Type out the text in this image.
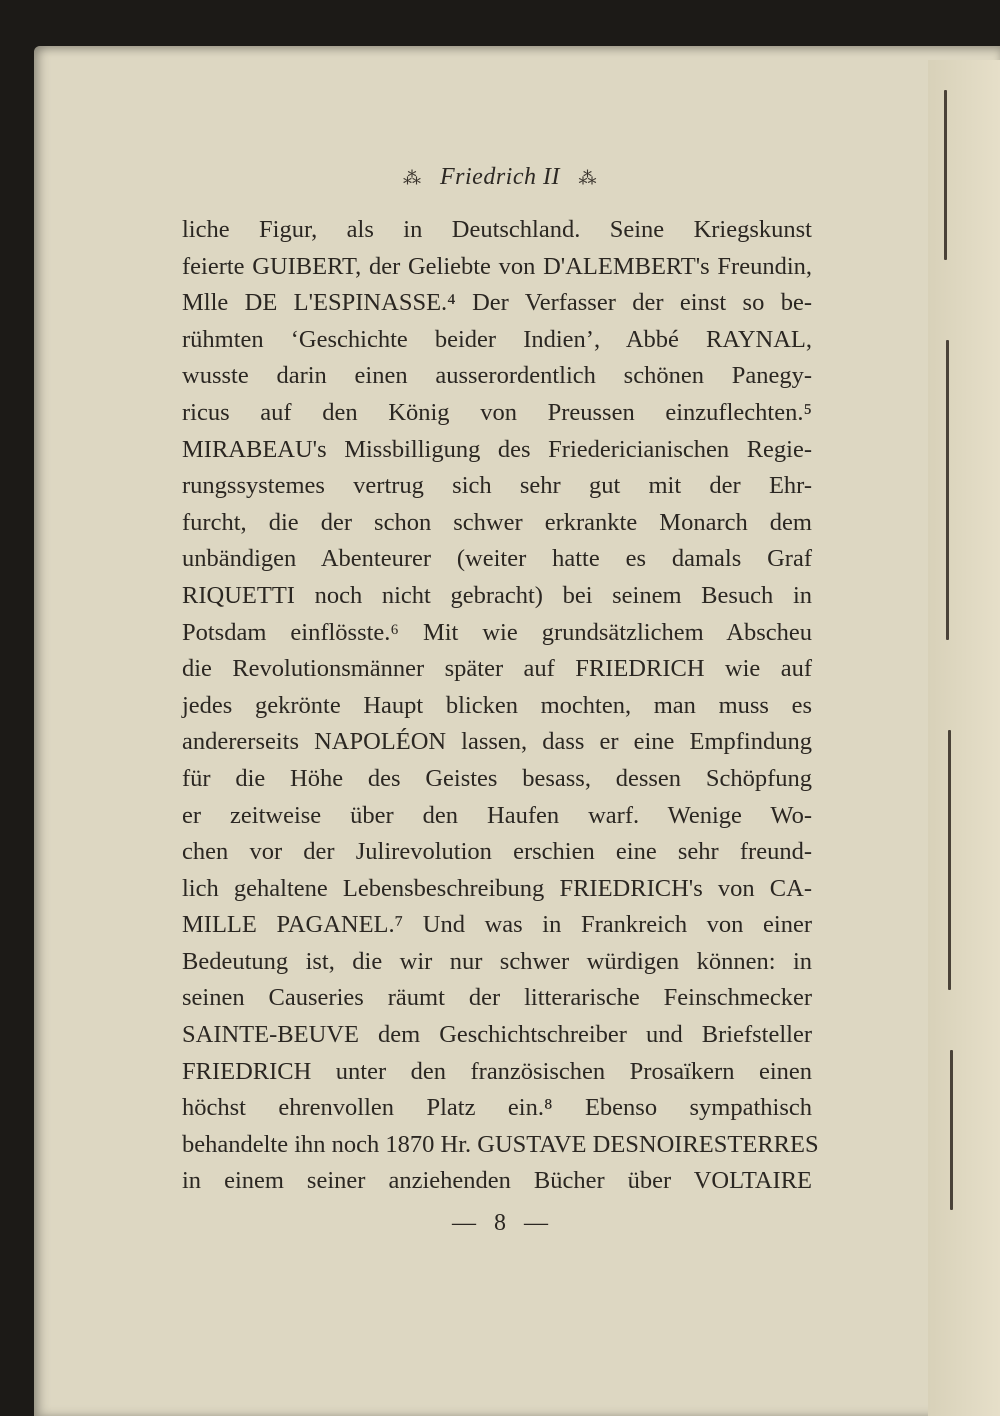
⁂ Friedrich II ⁂
liche Figur, als in Deutschland. Seine Kriegskunst
feierte GUIBERT, der Geliebte von D'ALEMBERT's Freundin,
Mlle DE L'ESPINASSE.⁴ Der Verfasser der einst so be-
rühmten ‘Geschichte beider Indien’, Abbé RAYNAL,
wusste darin einen ausserordentlich schönen Panegy-
ricus auf den König von Preussen einzuflechten.⁵
MIRABEAU's Missbilligung des Friedericianischen Regie-
rungssystemes vertrug sich sehr gut mit der Ehr-
furcht, die der schon schwer erkrankte Monarch dem
unbändigen Abenteurer (weiter hatte es damals Graf
RIQUETTI noch nicht gebracht) bei seinem Besuch in
Potsdam einflösste.⁶ Mit wie grundsätzlichem Abscheu
die Revolutionsmänner später auf FRIEDRICH wie auf
jedes gekrönte Haupt blicken mochten, man muss es
andererseits NAPOLÉON lassen, dass er eine Empfindung
für die Höhe des Geistes besass, dessen Schöpfung
er zeitweise über den Haufen warf. Wenige Wo-
chen vor der Julirevolution erschien eine sehr freund-
lich gehaltene Lebensbeschreibung FRIEDRICH's von CA-
MILLE PAGANEL.⁷ Und was in Frankreich von einer
Bedeutung ist, die wir nur schwer würdigen können: in
seinen Causeries räumt der litterarische Feinschmecker
SAINTE-BEUVE dem Geschichtschreiber und Briefsteller
FRIEDRICH unter den französischen Prosaïkern einen
höchst ehrenvollen Platz ein.⁸ Ebenso sympathisch
behandelte ihn noch 1870 Hr. GUSTAVE DESNOIRESTERRES
in einem seiner anziehenden Bücher über VOLTAIRE
— 8 —
